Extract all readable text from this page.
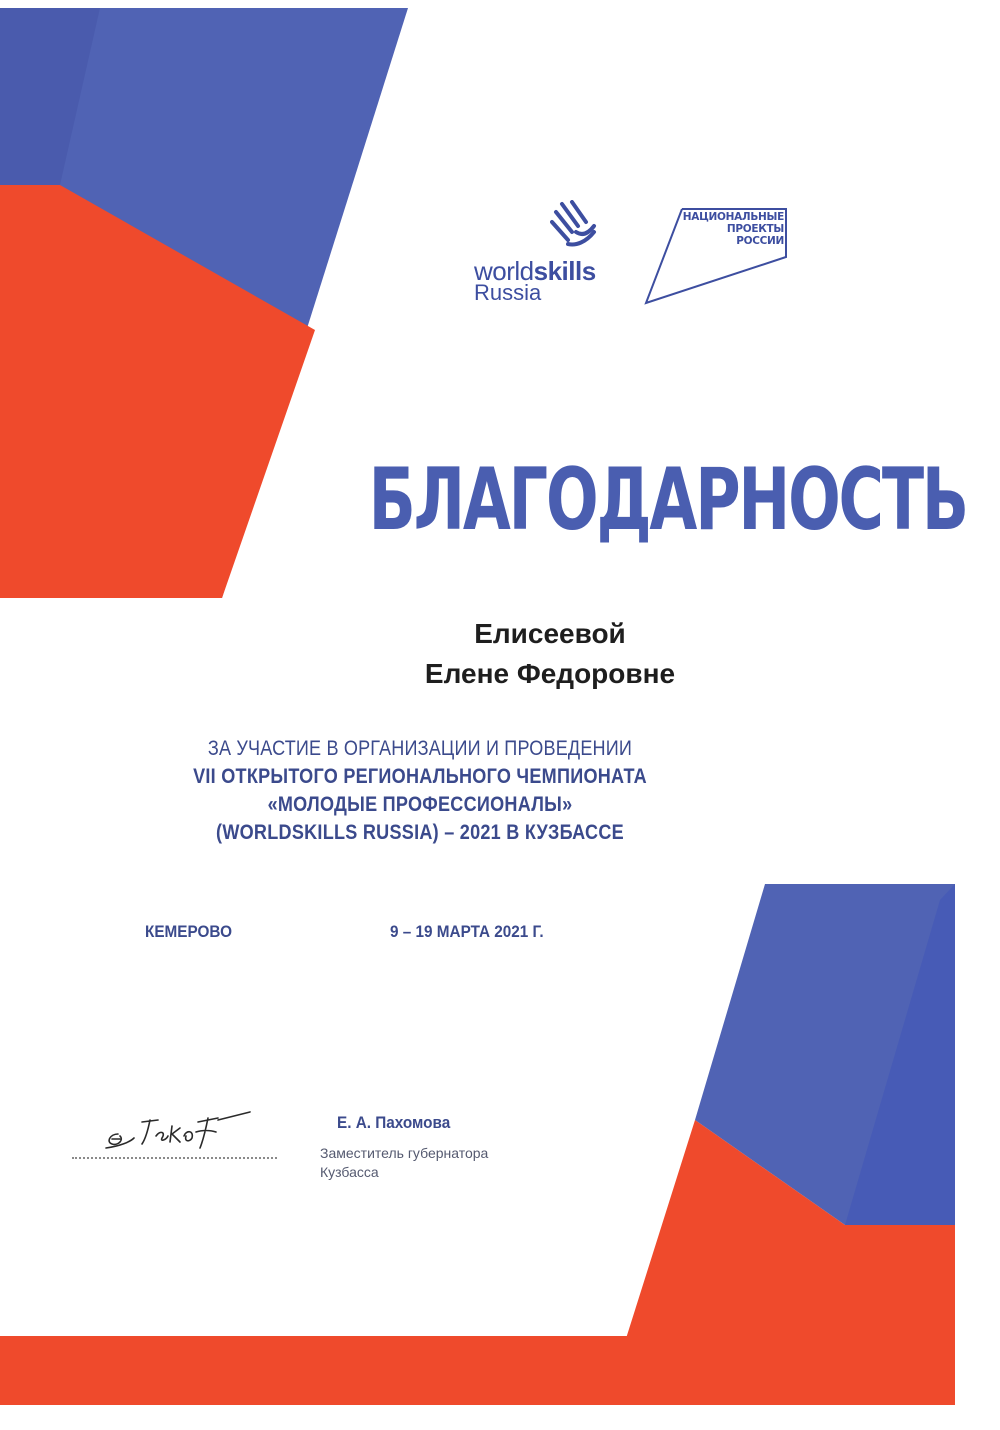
worldskills
Russia
НАЦИОНАЛЬНЫЕ
ПРОЕКТЫ
РОССИИ
БЛАГОДАРНОСТЬ
Елисеевой
Елене Федоровне
ЗА УЧАСТИЕ В ОРГАНИЗАЦИИ И ПРОВЕДЕНИИ
VII ОТКРЫТОГО РЕГИОНАЛЬНОГО ЧЕМПИОНАТА
«МОЛОДЫЕ ПРОФЕССИОНАЛЫ»
(WORLDSKILLS RUSSIA) – 2021 В КУЗБАССЕ
КЕМЕРОВО	9 – 19 МАРТА 2021 Г.
Е. А. Пахомова
Заместитель губернатора
Кузбасса
